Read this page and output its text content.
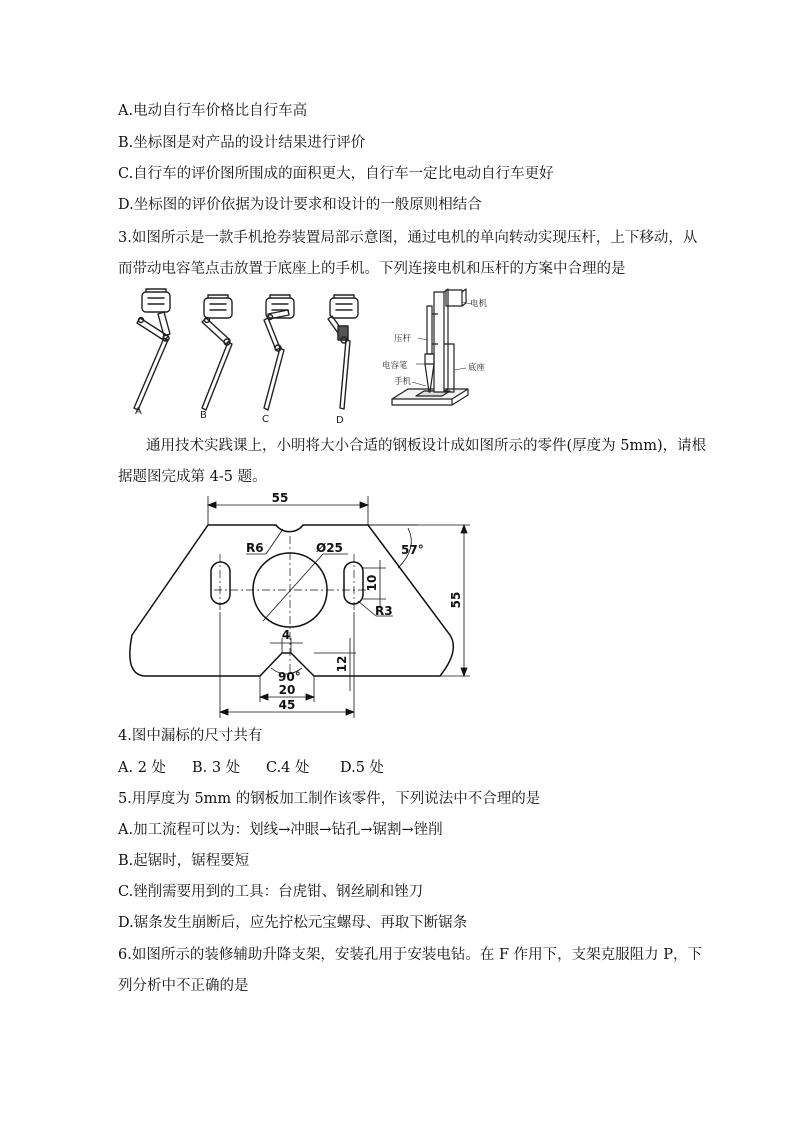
A.电动自行车价格比自行车高
B.坐标图是对产品的设计结果进行评价
C.自行车的评价图所围成的面积更大，自行车一定比电动自行车更好
D.坐标图的评价依据为设计要求和设计的一般原则相结合
3.如图所示是一款手机抢券装置局部示意图，通过电机的单向转动实现压杆，上下移动，从
而带动电容笔点击放置于底座上的手机。下列连接电机和压杆的方案中合理的是
A	B	C	D
电机
压杆
电容笔
手机
底座
通用技术实践课上，小明将大小合适的钢板设计成如图所示的零件(厚度为 5mm)，请根
据题图完成第 4-5 题。
55
R6	Ø25	57°
10
R3
55
4
12
90°
20
45
4.图中漏标的尺寸共有
A. 2 处 B. 3 处 C.4 处 D.5 处
5.用厚度为 5mm 的钢板加工制作该零件，下列说法中不合理的是
A.加工流程可以为：划线→冲眼→钻孔→锯割→锉削
B.起锯时，锯程要短
C.锉削需要用到的工具：台虎钳、钢丝刷和锉刀
D.锯条发生崩断后，应先拧松元宝螺母、再取下断锯条
6.如图所示的装修辅助升降支架，安装孔用于安装电钻。在 F 作用下，支架克服阻力 P，下
列分析中不正确的是
